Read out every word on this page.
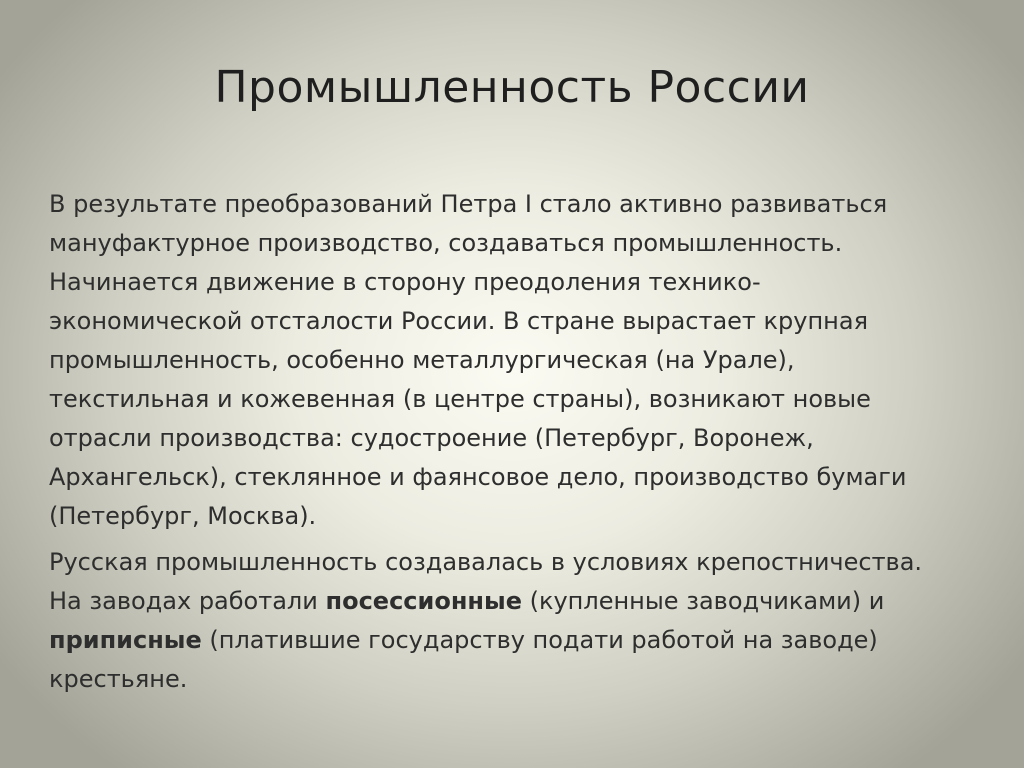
Промышленность России

В результате преобразований Петра I стало активно развиваться
мануфактурное производство, создаваться промышленность.
Начинается движение в сторону преодоления технико-
экономической отсталости России. В стране вырастает крупная
промышленность, особенно металлургическая (на Урале),
текстильная и кожевенная (в центре страны), возникают новые
отрасли производства: судостроение (Петербург, Воронеж,
Архангельск), стеклянное и фаянсовое дело, производство бумаги
(Петербург, Москва).

Русская промышленность создавалась в условиях крепостничества.
На заводах работали посессионные (купленные заводчиками) и
приписные (платившие государству подати работой на заводе)
крестьяне.
